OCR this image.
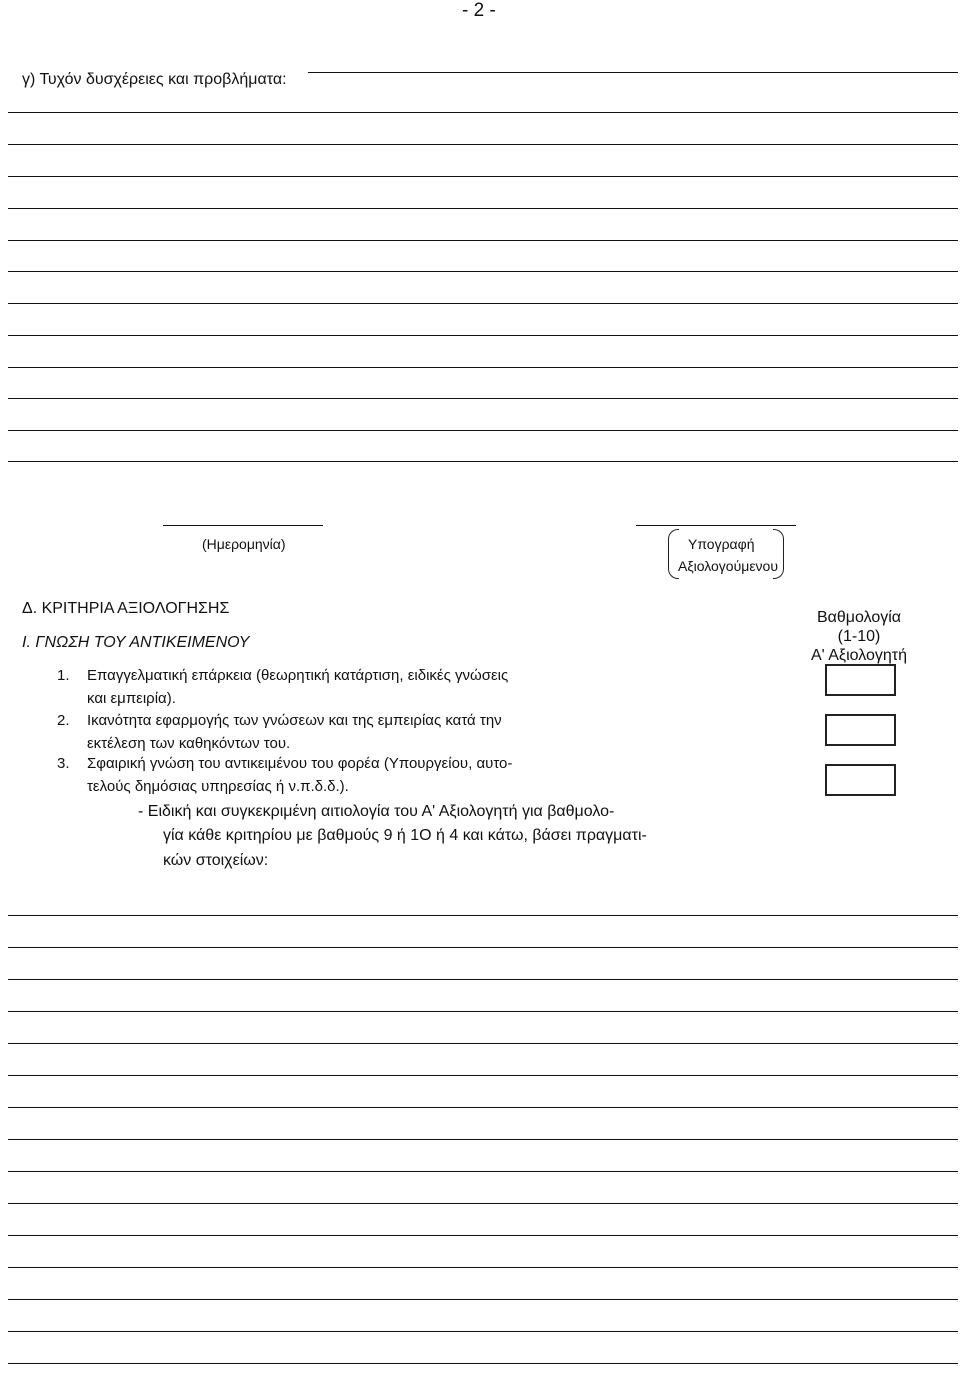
- 2 -
γ) Τυχόν δυσχέρειες και προβλήματα:
(Ημερομηνία)	Υπογραφή
Αξιολογούμενου
Δ. ΚΡΙΤΗΡΙΑ ΑΞΙΟΛΟΓΗΣΗΣ
I. ΓΝΩΣΗ ΤΟΥ ΑΝΤΙΚΕΙΜΕΝΟΥ
Βαθμολογία
(1-10)
Α' Αξιολογητή
1. Επαγγελματική επάρκεια (θεωρητική κατάρτιση, ειδικές γνώσεις
και εμπειρία).
2. Ικανότητα εφαρμογής των γνώσεων και της εμπειρίας κατά την
εκτέλεση των καθηκόντων του.
3. Σφαιρική γνώση του αντικειμένου του φορέα (Υπουργείου, αυτο-
τελούς δημόσιας υπηρεσίας ή ν.π.δ.δ.).
- Ειδική και συγκεκριμένη αιτιολογία του Α' Αξιολογητή για βαθμολο-
γία κάθε κριτηρίου με βαθμούς 9 ή 1Ο ή 4 και κάτω, βάσει πραγματι-
κών στοιχείων:
